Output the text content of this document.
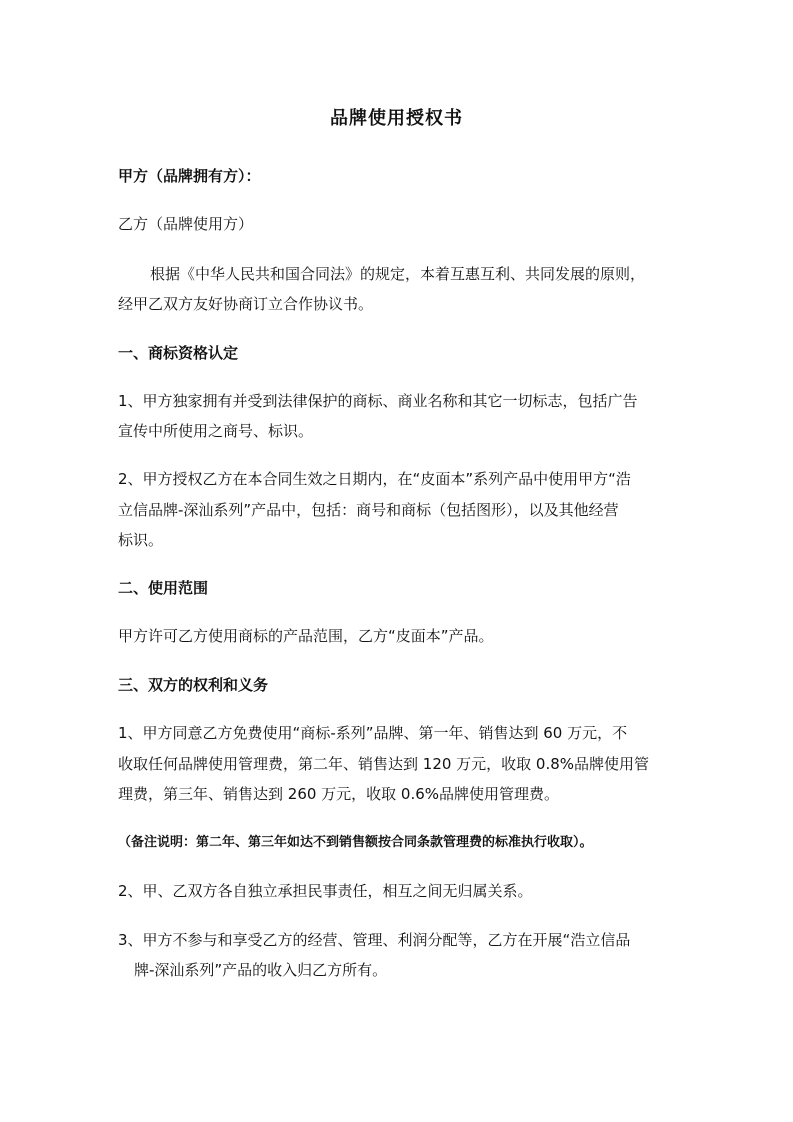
品牌使用授权书
甲方（品牌拥有方）：
乙方（品牌使用方）
根据《中华人民共和国合同法》的规定，本着互惠互利、共同发展的原则，
经甲乙双方友好协商订立合作协议书。
一、商标资格认定
1、甲方独家拥有并受到法律保护的商标、商业名称和其它一切标志，包括广告
宣传中所使用之商号、标识。
2、甲方授权乙方在本合同生效之日期内，在“皮面本”系列产品中使用甲方“浩
立信品牌-深汕系列”产品中，包括：商号和商标（包括图形），以及其他经营
标识。
二、使用范围
甲方许可乙方使用商标的产品范围，乙方“皮面本”产品。
三、双方的权利和义务
1、甲方同意乙方免费使用“商标-系列”品牌、第一年、销售达到 60 万元，不
收取任何品牌使用管理费，第二年、销售达到 120 万元，收取 0.8%品牌使用管
理费，第三年、销售达到 260 万元，收取 0.6%品牌使用管理费。
（备注说明：第二年、第三年如达不到销售额按合同条款管理费的标准执行收取）。
2、甲、乙双方各自独立承担民事责任，相互之间无归属关系。
3、甲方不参与和享受乙方的经营、管理、利润分配等，乙方在开展“浩立信品
牌-深汕系列”产品的收入归乙方所有。
